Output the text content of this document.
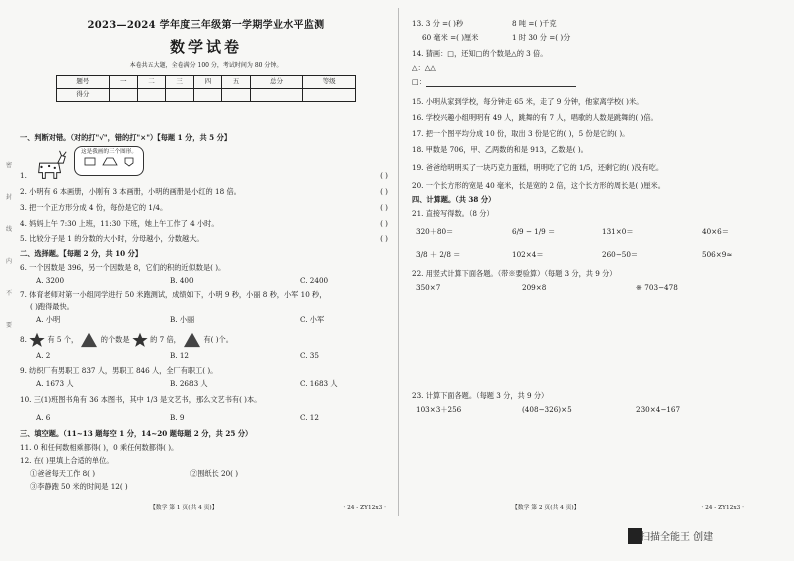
密
封
线
内
不
要
2023—2024 学年度三年级第一学期学业水平监测
数学试卷
本卷共五大题，全卷满分 100 分，考试时间为 80 分钟。
题号	一	二	三	四	五	总分	等级
得分							
一、判断对错。（对的打"√"，错的打"×"）【每题 1 分，共 5 分】
这是我画的三个图形。
1.	( )
2. 小明有 6 本画册，小刚有 3 本画册，小明的画册是小红的 18 倍。	( )
3. 把一个正方形分成 4 份，每份是它的 1/4。	( )
4. 妈妈上午 7:30 上班，11:30 下班，她上午工作了 4 小时。	( )
5. 比较分子是 1 的分数的大小时，分母越小，分数越大。	( )
二、选择题。【每题 2 分，共 10 分】
6. 一个因数是 396，另一个因数是 8，它们的积的近似数是( )。
A. 3200	B. 400	C. 2400
7. 体育老师对第一小组同学进行 50 米跑测试，成绩如下，小明 9 秒，小丽 8 秒，小军 10 秒，
( )跑得最快。
A. 小明	B. 小丽	C. 小军
8.	有 5 个，	的个数是	的 7 倍，	有( )个。
A. 2	B. 12	C. 35
9. 纺织厂有男职工 837 人，男职工 846 人，全厂有职工( )。
A. 1673 人	B. 2683 人	C. 1683 人
10. 三(1)班图书角有 36 本图书，其中 1/3 是文艺书，那么文艺书有( )本。
A. 6	B. 9	C. 12
三、填空题。（11~13 题每空 1 分，14~20 题每题 2 分，共 25 分）
11. 0 和任何数相乘都得( )，0 乘任何数都得( )。
12. 在( )里填上合适的单位。
①爸爸每天工作 8( )	②围纸长 20( )
③李静跑 50 米的时间是 12( )
【数学 第 1 页(共 4 页)】	· 24 - ZY12x3 ·
13. 3 分 =( )秒	8 吨 =( )千克
60 毫米 =( )厘米	1 时 30 分 =( )分
14. 猜画：□，还知□的个数是△的 3 倍。
△：△△
□：
15. 小明从家到学校，每分钟走 65 米，走了 9 分钟，他家离学校( )米。
16. 学校兴趣小组明明有 49 人，跳舞的有 7 人，唱歌的人数是跳舞的( )倍。
17. 把一个图平均分成 10 份，取出 3 份是它的( )，5 份是它的( )。
18. 甲数是 706，甲、乙两数的和是 913，乙数是( )。
19. 爸爸给明明买了一块巧克力蛋糕，明明吃了它的 1/5，还剩它的( )没有吃。
20. 一个长方形的宽是 40 毫米，长是宽的 2 倍，这个长方形的周长是( )厘米。
四、计算题。（共 38 分）
21. 直接写得数。（8 分）
320＋80＝	6/9 − 1/9 ＝	131×0＝	40×6＝
3/8 ＋ 2/8 ＝	102×4＝	260−50＝	506×9≈
22. 用竖式计算下面各题。（带※要验算）（每题 3 分，共 9 分）
350×7	209×8	※ 703−478
23. 计算下面各题。（每题 3 分，共 9 分）
103×3＋256	(408−326)×5	230×4−167
【数学 第 2 页(共 4 页)】	· 24 - ZY12x3 ·
扫描全能王 创建
